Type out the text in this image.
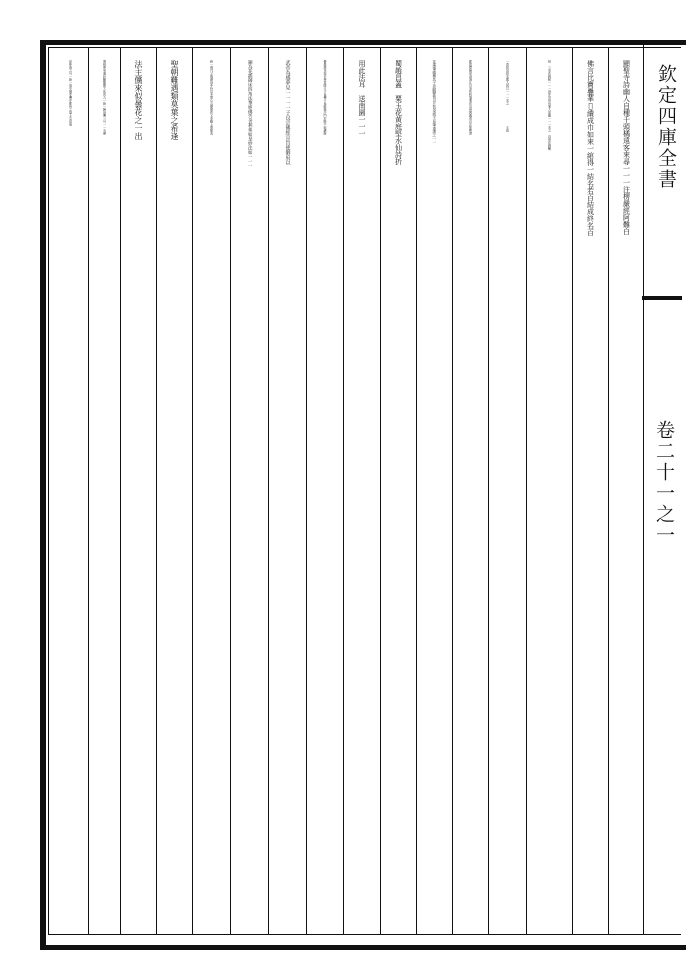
欽定四庫全書
卷二十一之一
顯聖寺詩幽人自種千頭橘遠客來尋一一一注楞嚴經阿難白
佛言比寶疊華𦆵繢成巾如來一綰得一結名若百結成終名百
結　三朶花蘇軾一一一詩序房州有異人常戴一一一名之　沒骨花蘇轍
一莫知其姓名郡人因以一一一名之　　　　　　　王詵
都尉寶繪堂詩清江白浪吹粉墻異花沒骨朝露香自注徐熈畫
花落筆縱横其子崇嗣變格以五色染就不見筆迹謂之一一
蜀趙昌蓋　粟玉花黄庭堅水仙詩折
用此法耳　送南園一一一
優曇鉢花南史齊竟陵王子良傳子良啟進沙門於殿户前講經
武帝為感夢見一一一一子良宗佛經宣旨使御府以
銅為花插御床四角法華經佛告舍利弗如是妙法如一一一
時一現耳又張謂詩手持貝多葉心念優曇花又李嶠上尊號表
聖朝難遇類莫葉之希逢
法主儻來似曇花之一出
增桃華易通卦驗驚蟄大壯初九一始一韓詩傳三月一一水襌
記仲春之月一始一南史循吏傳序都邑之盛士女昌逸
